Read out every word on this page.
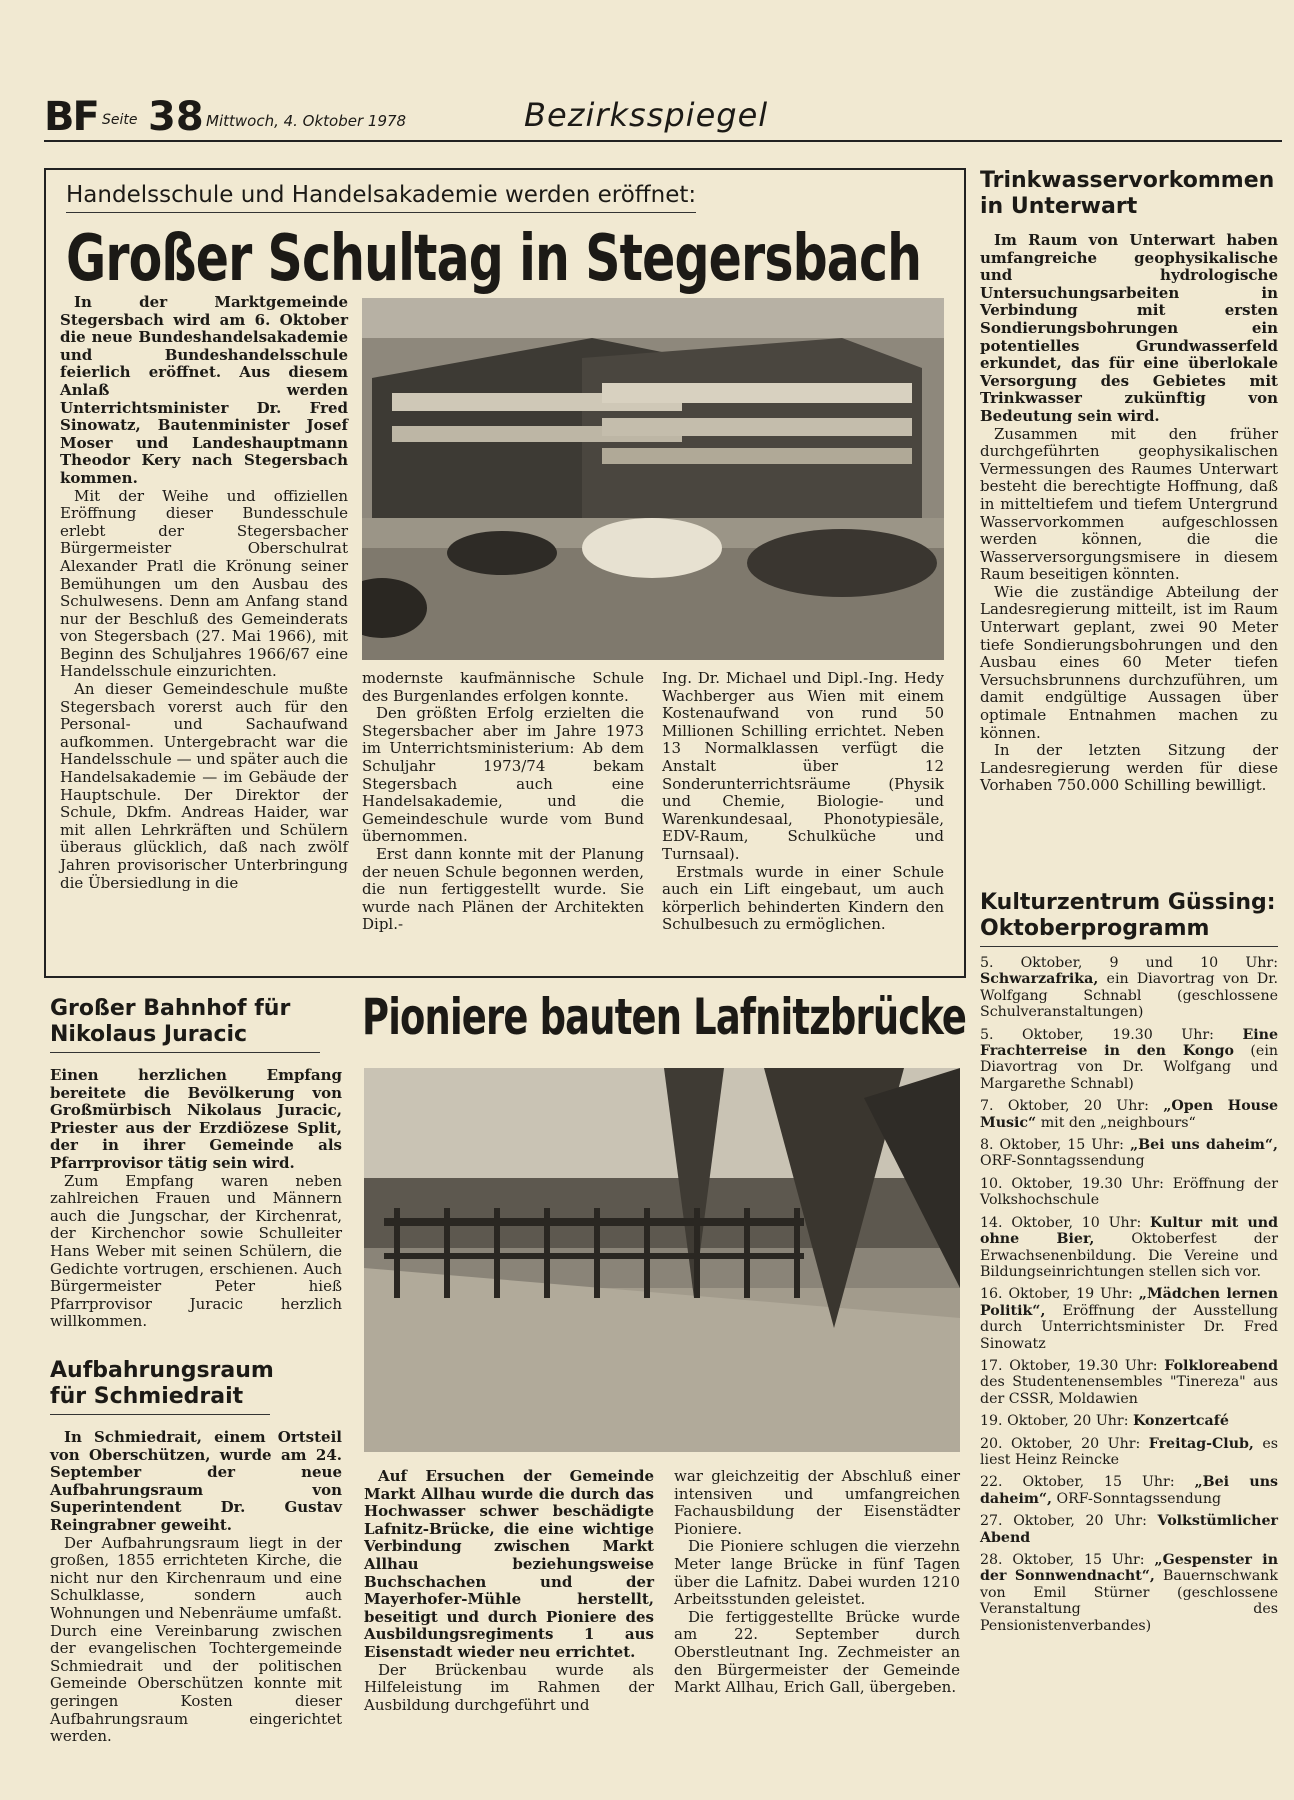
BF Seite 38 Mittwoch, 4. Oktober 1978	Bezirksspiegel
Handelsschule und Handelsakademie werden eröffnet:
Großer Schultag in Stegersbach

In der Marktgemeinde Stegersbach wird am 6. Oktober die neue Bundeshandelsakademie und Bundeshandelsschule feierlich eröffnet. Aus diesem Anlaß werden Unterrichtsminister Dr. Fred Sinowatz, Bautenminister Josef Moser und Landeshauptmann Theodor Kery nach Stegersbach kommen.

Mit der Weihe und offiziellen Eröffnung dieser Bundesschule erlebt der Stegersbacher Bürgermeister Oberschulrat Alexander Pratl die Krönung seiner Bemühungen um den Ausbau des Schulwesens. Denn am Anfang stand nur der Beschluß des Gemeinderats von Stegersbach (27. Mai 1966), mit Beginn des Schuljahres 1966/67 eine Handelsschule einzurichten.

An dieser Gemeindeschule mußte Stegersbach vorerst auch für den Personal- und Sachaufwand aufkommen. Untergebracht war die Handelsschule — und später auch die Handelsakademie — im Gebäude der Hauptschule. Der Direktor der Schule, Dkfm. Andreas Haider, war mit allen Lehrkräften und Schülern überaus glücklich, daß nach zwölf Jahren provisorischer Unterbringung die Übersiedlung in die

modernste kaufmännische Schule des Burgenlandes erfolgen konnte.

Den größten Erfolg erzielten die Stegersbacher aber im Jahre 1973 im Unterrichtsministerium: Ab dem Schuljahr 1973/74 bekam Stegersbach auch eine Handelsakademie, und die Gemeindeschule wurde vom Bund übernommen.

Erst dann konnte mit der Planung der neuen Schule begonnen werden, die nun fertiggestellt wurde. Sie wurde nach Plänen der Architekten Dipl.-

Ing. Dr. Michael und Dipl.-Ing. Hedy Wachberger aus Wien mit einem Kostenaufwand von rund 50 Millionen Schilling errichtet. Neben 13 Normalklassen verfügt die Anstalt über 12 Sonderunterrichtsräume (Physik und Chemie, Biologie- und Warenkundesaal, Phonotypiesäle, EDV-Raum, Schulküche und Turnsaal).

Erstmals wurde in einer Schule auch ein Lift eingebaut, um auch körperlich behinderten Kindern den Schulbesuch zu ermöglichen.

Trinkwasservorkommen in Unterwart

Im Raum von Unterwart haben umfangreiche geophysikalische und hydrologische Untersuchungsarbeiten in Verbindung mit ersten Sondierungsbohrungen ein potentielles Grundwasserfeld erkundet, das für eine überlokale Versorgung des Gebietes mit Trinkwasser zukünftig von Bedeutung sein wird.

Zusammen mit den früher durchgeführten geophysikalischen Vermessungen des Raumes Unterwart besteht die berechtigte Hoffnung, daß in mitteltiefem und tiefem Untergrund Wasservorkommen aufgeschlossen werden können, die die Wasserversorgungsmisere in diesem Raum beseitigen könnten.

Wie die zuständige Abteilung der Landesregierung mitteilt, ist im Raum Unterwart geplant, zwei 90 Meter tiefe Sondierungsbohrungen und den Ausbau eines 60 Meter tiefen Versuchsbrunnens durchzuführen, um damit endgültige Aussagen über optimale Entnahmen machen zu können.

In der letzten Sitzung der Landesregierung werden für diese Vorhaben 750.000 Schilling bewilligt.

Kulturzentrum Güssing: Oktoberprogramm

5. Oktober, 9 und 10 Uhr: Schwarzafrika, ein Diavortrag von Dr. Wolfgang Schnabl (geschlossene Schulveranstaltungen)

5. Oktober, 19.30 Uhr: Eine Frachterreise in den Kongo (ein Diavortrag von Dr. Wolfgang und Margarethe Schnabl)

7. Oktober, 20 Uhr: „Open House Music“ mit den „neighbours“

8. Oktober, 15 Uhr: „Bei uns daheim“, ORF-Sonntagssendung

10. Oktober, 19.30 Uhr: Eröffnung der Volkshochschule

14. Oktober, 10 Uhr: Kultur mit und ohne Bier,	Oktoberfest der Erwachsenenbildung. Die Vereine und Bildungseinrichtungen stellen sich vor.

16. Oktober, 19 Uhr: „Mädchen lernen Politik“, Eröffnung der Ausstellung durch Unterrichtsminister Dr. Fred Sinowatz

17. Oktober, 19.30 Uhr: Folkloreabend des Studentenensembles "Tinereza" aus der CSSR, Moldawien

19. Oktober, 20 Uhr: Konzertcafé

20. Oktober, 20 Uhr: Freitag-Club, es liest Heinz Reincke

22. Oktober, 15 Uhr: „Bei uns daheim“, ORF-Sonntagssendung

27. Oktober, 20 Uhr: Volkstümlicher Abend

28. Oktober, 15 Uhr: „Gespenster in der Sonnwendnacht“, Bauernschwank von Emil Stürner (geschlossene Veranstaltung des Pensionistenverbandes)

Großer Bahnhof für Nikolaus Juracic

Einen herzlichen Empfang bereitete die Bevölkerung von Großmürbisch Nikolaus Juracic, Priester aus der Erzdiözese Split, der in ihrer Gemeinde als Pfarrprovisor tätig sein wird.

Zum Empfang waren neben zahlreichen Frauen und Männern auch die Jungschar, der Kirchenrat, der Kirchenchor sowie Schulleiter Hans Weber mit seinen Schülern, die Gedichte vortrugen, erschienen. Auch Bürgermeister Peter hieß Pfarrprovisor Juracic herzlich willkommen.

Aufbahrungsraum für Schmiedrait

In Schmiedrait, einem Ortsteil von Oberschützen, wurde am 24. September der neue Aufbahrungsraum von Superintendent Dr. Gustav Reingrabner geweiht.

Der Aufbahrungsraum liegt in der großen, 1855 errichteten Kirche, die nicht nur den Kirchenraum und eine Schulklasse, sondern auch Wohnungen und Nebenräume umfaßt. Durch eine Vereinbarung zwischen der evangelischen Tochtergemeinde Schmiedrait und der politischen Gemeinde Oberschützen konnte mit geringen Kosten dieser Aufbahrungsraum eingerichtet werden.

Pioniere bauten Lafnitzbrücke

Auf Ersuchen der Gemeinde Markt Allhau wurde die durch das Hochwasser schwer beschädigte Lafnitz-Brücke, die eine wichtige Verbindung zwischen Markt Allhau beziehungsweise Buchschachen und der Mayerhofer-Mühle herstellt, beseitigt und durch Pioniere des Ausbildungsregiments 1 aus Eisenstadt wieder neu errichtet.

Der Brückenbau wurde als Hilfeleistung im Rahmen der Ausbildung durchgeführt und

war gleichzeitig der Abschluß einer intensiven und umfangreichen Fachausbildung der Eisenstädter Pioniere.

Die Pioniere schlugen die vierzehn Meter lange Brücke in fünf Tagen über die Lafnitz. Dabei wurden 1210 Arbeitsstunden geleistet.

Die fertiggestellte Brücke wurde am 22. September durch Oberstleutnant Ing. Zechmeister an den Bürgermeister der Gemeinde Markt Allhau, Erich Gall, übergeben.
